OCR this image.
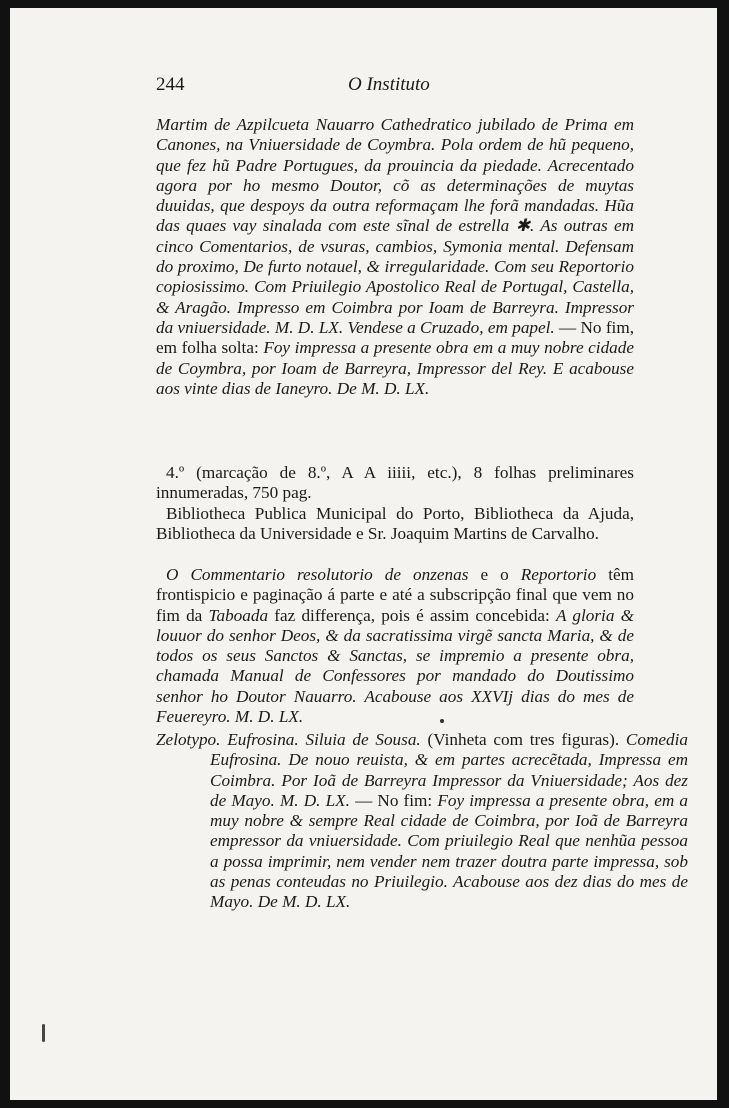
244	O Instituto
Martim de Azpilcueta Nauarro Cathedratico jubilado de Prima em Canones, na Vniuersidade de Coymbra. Pola ordem de hũ pequeno, que fez hũ Padre Portugues, da prouincia da piedade. Acrecentado agora por ho mesmo Doutor, cõ as determinações de muytas duuidas, que despoys da outra reformaçam lhe forã mandadas. Hũa das quaes vay sinalada com este sĩnal de estrella ✱. As outras em cinco Comentarios, de vsuras, cambios, Symonia mental. Defensam do proximo, De furto notauel, & irregularidade. Com seu Reportorio copiosissimo. Com Priuilegio Apostolico Real de Portugal, Castella, & Aragão. Impresso em Coimbra por Ioam de Barreyra. Impressor da vniuersidade. M. D. LX. Vendese a Cruzado, em papel. — No fim, em folha solta: Foy impressa a presente obra em a muy nobre cidade de Coymbra, por Ioam de Barreyra, Impressor del Rey. E acabouse aos vinte dias de Ianeyro. De M. D. LX.
4.º (marcação de 8.º, A A iiiii, etc.), 8 folhas preliminares innumeradas, 750 pag.
Bibliotheca Publica Municipal do Porto, Bibliotheca da Ajuda, Bibliotheca da Universidade e Sr. Joaquim Martins de Carvalho.
O Commentario resolutorio de onzenas e o Reportorio têm frontispicio e paginação á parte e até a subscripção final que vem no fim da Taboada faz differença, pois é assim concebida: A gloria & louuor do senhor Deos, & da sacratissima virgẽ sancta Maria, & de todos os seus Sanctos & Sanctas, se impremio a presente obra, chamada Manual de Confessores por mandado do Doutissimo senhor ho Doutor Nauarro. Acabouse aos XXVIj dias do mes de Feuereyro. M. D. LX.
Zelotypo. Eufrosina. Siluia de Sousa. (Vinheta com tres figuras). Comedia Eufrosina. De nouo reuista, & em partes acrecẽtada, Impressa em Coimbra. Por Ioã de Barreyra Impressor da Vniuersidade; Aos dez de Mayo. M. D. LX. — No fim: Foy impressa a presente obra, em a muy nobre & sempre Real cidade de Coimbra, por Ioã de Barreyra empressor da vniuersidade. Com priuilegio Real que nenhũa pessoa a possa imprimir, nem vender nem trazer doutra parte impressa, sob as penas conteudas no Priuilegio. Acabouse aos dez dias do mes de Mayo. De M. D. LX.
